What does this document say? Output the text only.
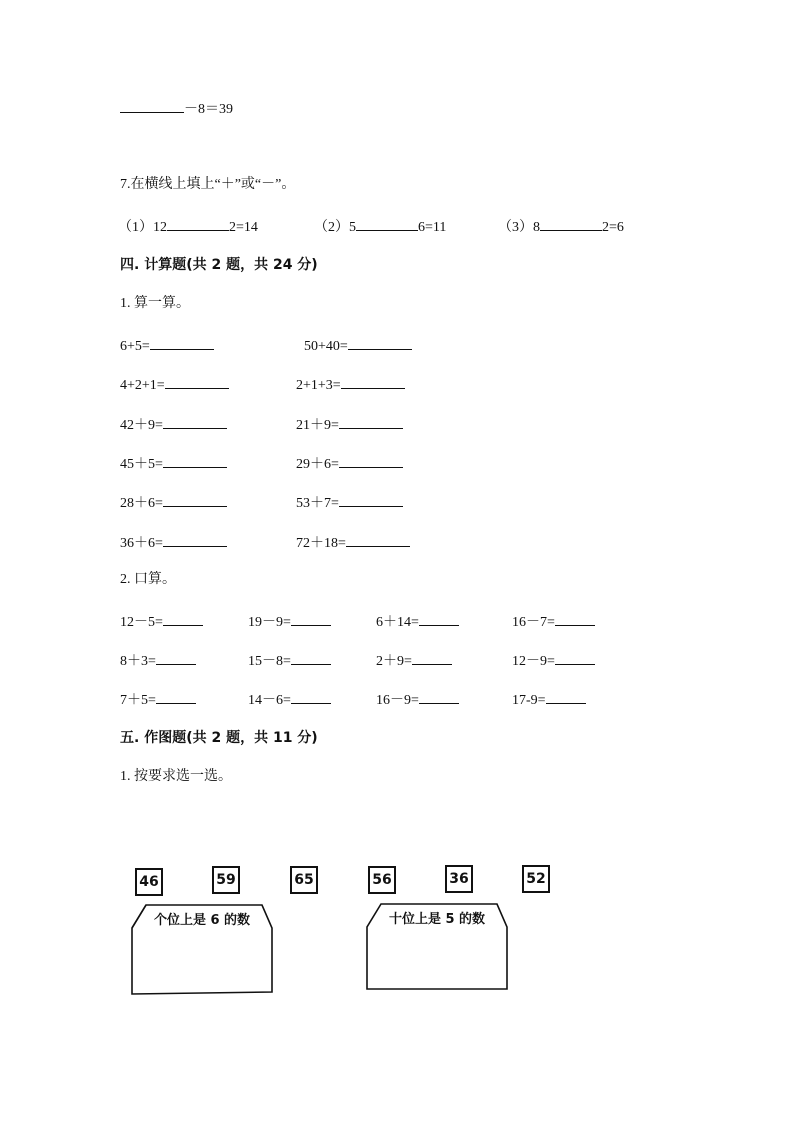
－8＝39
7.在横线上填上“＋”或“－”。
（1）12	2=14	（2）5	6=11	（3）8	2=6
四. 计算题(共 2 题，共 24 分)
1. 算一算。
6+5=	50+40=
4+2+1=	2+1+3=
42＋9=	21＋9=
45＋5=	29＋6=
28＋6=	53＋7=
36＋6=	72＋18=
2. 口算。
12－5=	19－9=	6＋14=	16－7=
8＋3=	15－8=	2＋9=	12－9=
7＋5=	14－6=	16－9=	17-9=
五. 作图题(共 2 题，共 11 分)
1. 按要求选一选。
46	59	65	56	36	52
个位上是 6 的数	十位上是 5 的数
